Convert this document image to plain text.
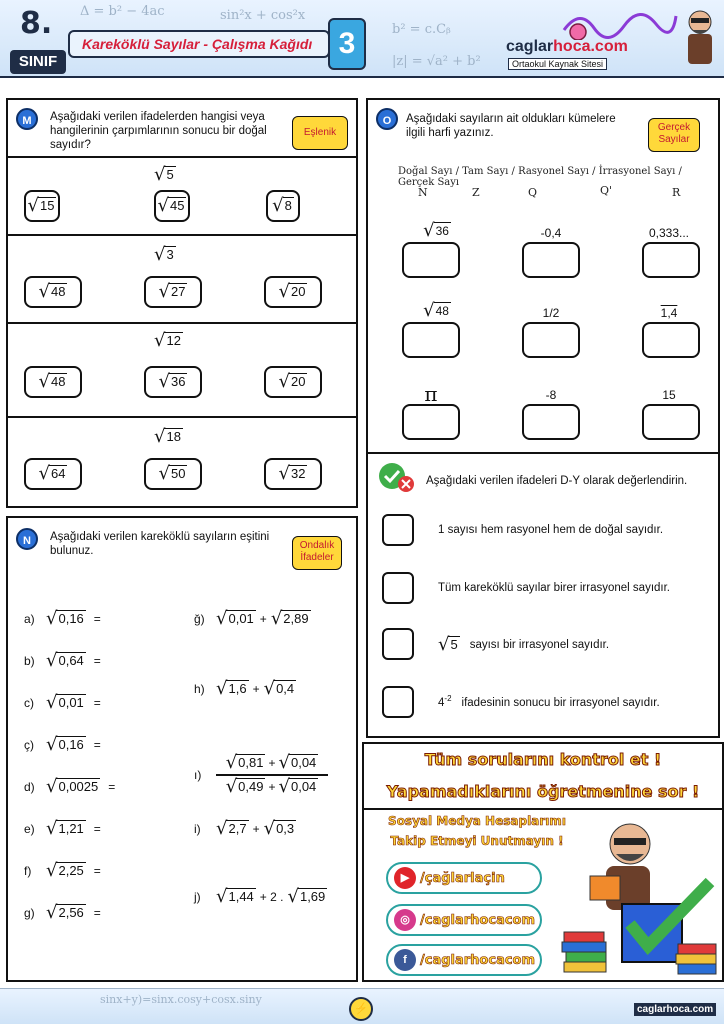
8.
SINIF
Δ = b² − 4ac	sin²x + cos²x
b² = c.Cᵦ
|z| = √a² + b²
Kareköklü Sayılar - Çalışma Kağıdı 3	caglarhoca.com
Ortaokul Kaynak Sitesi
M	Aşağıdaki verilen ifadelerden hangisi veya hangilerinin çarpımlarının sonucu bir doğal sayıdır?
Eşlenik
√ 5
√ 15	√ 45	√ 8
√ 3
√ 48	√ 27	√ 20
√ 12
√ 48	√ 36	√ 20
√ 18
√ 64	√ 50	√ 32
N	Aşağıdaki verilen kareköklü sayıların eşitini bulunuz.	Ondalık
İfadeler
a) √ 0,16 =
b) √ 0,64 =
c) √ 0,01 =
ç) √ 0,16 =
d) √ 0,0025 =
e) √ 1,21 =
f) √ 2,25 =
g) √ 2,56 =
ğ) √ 0,01 + √ 2,89
h) √ 1,6 + √ 0,4
ı)
√ 0,81 + √ 0,04
√ 0,49 + √ 0,04
i) √ 2,7 + √ 0,3
j) √ 1,44 + 2 . √ 1,69
O	Aşağıdaki sayıların ait oldukları kümelere ilgili harfi yazınız.	Gerçek
Sayılar
Doğal Sayı / Tam Sayı / Rasyonel Sayı / İrrasyonel Sayı / Gerçek Sayı
N	Z	Q	Q'	R
√ 36	-0,4	0,333...
√ 48	1/2	1,4
π	-8	15
Aşağıdaki verilen ifadeleri D-Y olarak değerlendirin.
1 sayısı hem rasyonel hem de doğal sayıdır.
Tüm kareköklü sayılar birer irrasyonel sayıdır.
√ 5 sayısı bir irrasyonel sayıdır.
$4^{-2}$ ifadesinin sonucu bir irrasyonel sayıdır.
Tüm sorularını kontrol et !
Yapamadıklarını öğretmenine sor !
Sosyal Medya Hesaplarımı
Takip Etmeyi Unutmayın !
▶ /çağlarlaçin
◎ /caglarhocacom
f	/caglarhocacom
sinx+y)=sinx.cosy+cosx.siny
⚡	caglarhoca.com
